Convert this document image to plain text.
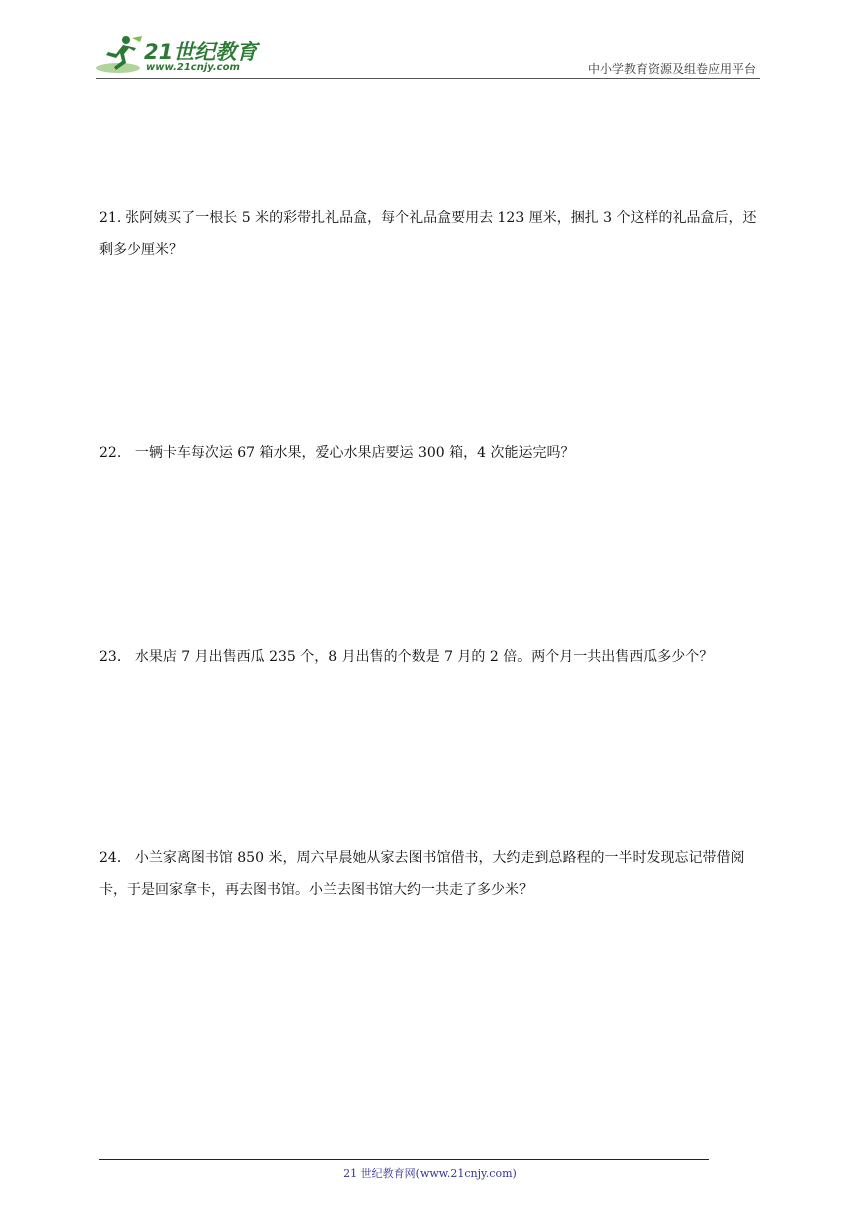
21世纪教育
www.21cnjy.com	中小学教育资源及组卷应用平台

21. 张阿姨买了一根长 5 米的彩带扎礼品盒，每个礼品盒要用去 123 厘米，捆扎 3 个这样的礼品盒后，还剩多少厘米？

22． 一辆卡车每次运 67 箱水果，爱心水果店要运 300 箱，4 次能运完吗？

23． 水果店 7 月出售西瓜 235 个，8 月出售的个数是 7 月的 2 倍。两个月一共出售西瓜多少个？

24． 小兰家离图书馆 850 米，周六早晨她从家去图书馆借书，大约走到总路程的一半时发现忘记带借阅卡，于是回家拿卡，再去图书馆。小兰去图书馆大约一共走了多少米？

21 世纪教育网(www.21cnjy.com)
